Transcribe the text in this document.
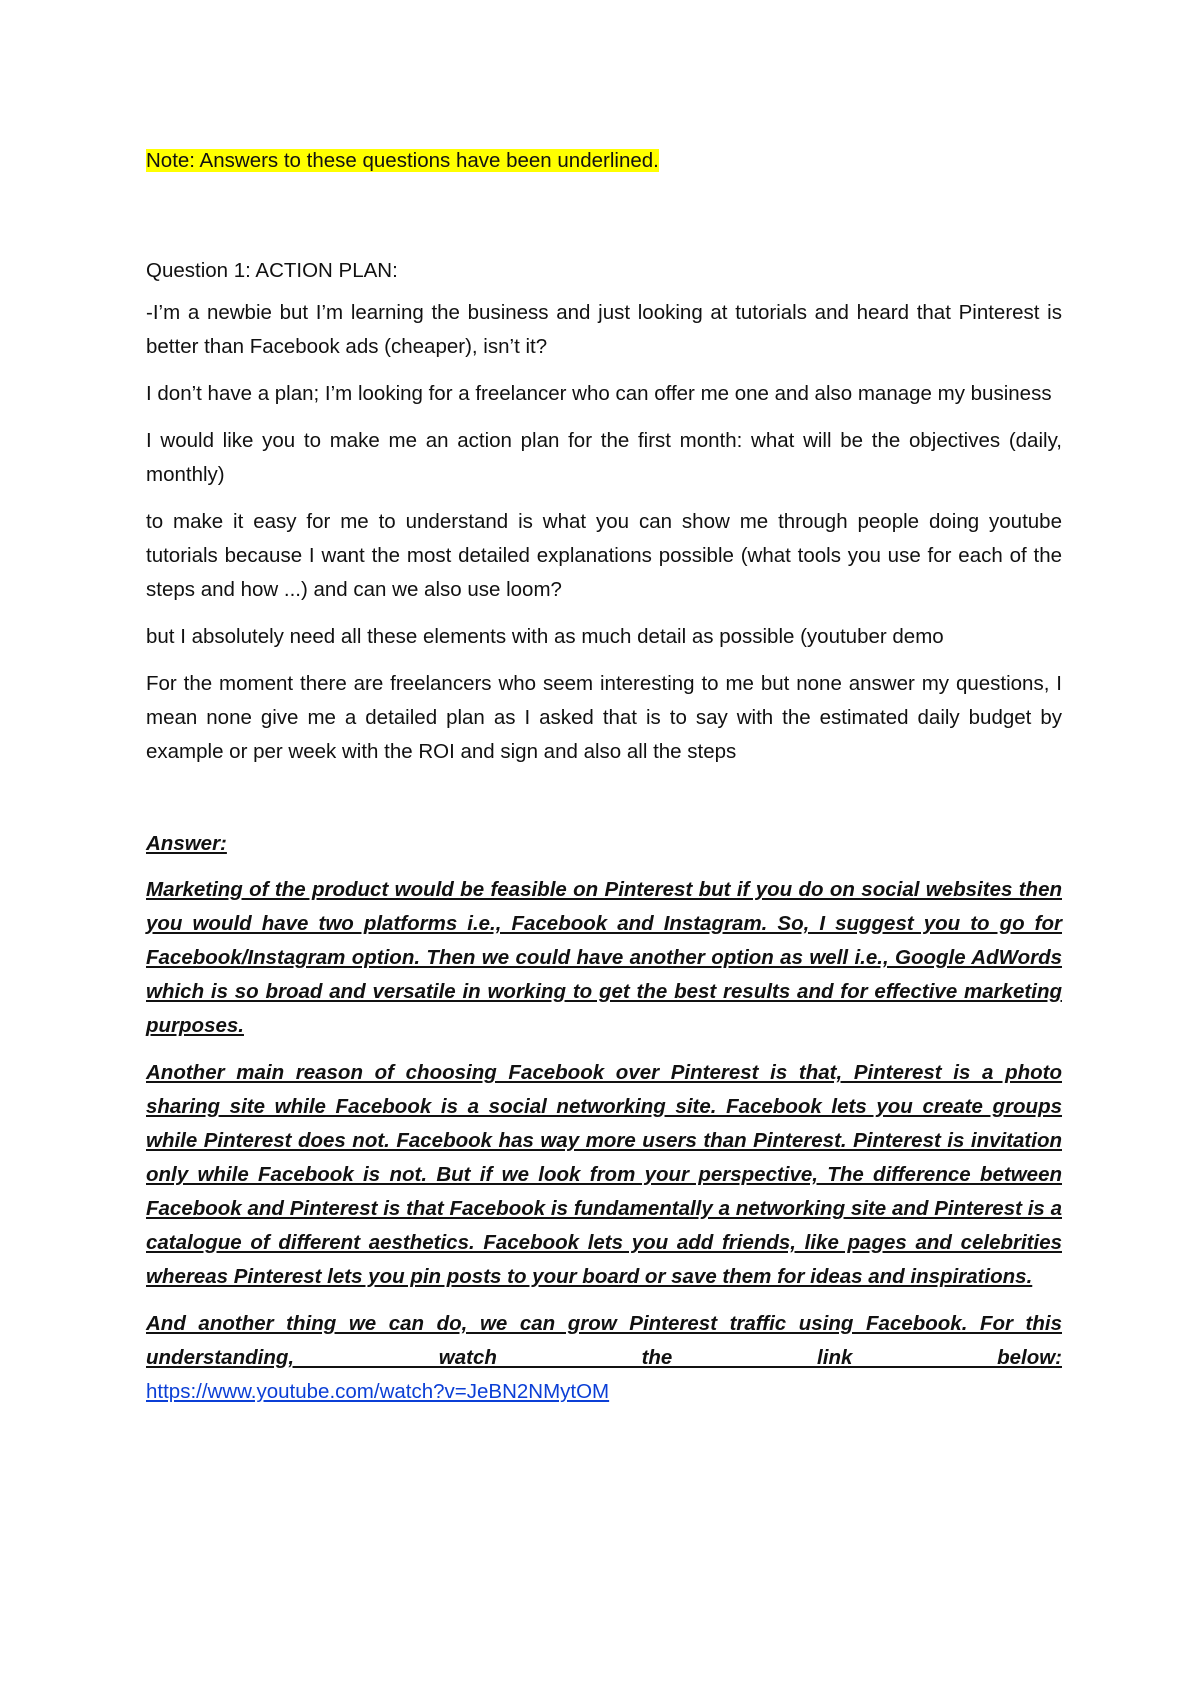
Note: Answers to these questions have been underlined.
Question 1: ACTION PLAN:

-I’m a newbie but I’m learning the business and just looking at tutorials and heard that Pinterest is better than Facebook ads (cheaper), isn’t it?

I don’t have a plan; I’m looking for a freelancer who can offer me one and also manage my business

I would like you to make me an action plan for the first month: what will be the objectives (daily, monthly)

to make it easy for me to understand is what you can show me through people doing youtube tutorials because I want the most detailed explanations possible (what tools you use for each of the steps and how ...) and can we also use loom?

but I absolutely need all these elements with as much detail as possible (youtuber demo

For the moment there are freelancers who seem interesting to me but none answer my questions, I mean none give me a detailed plan as I asked that is to say with the estimated daily budget by example or per week with the ROI and sign and also all the steps

Answer:

Marketing of the product would be feasible on Pinterest but if you do on social websites then you would have two platforms i.e., Facebook and Instagram. So, I suggest you to go for Facebook/Instagram option. Then we could have another option as well i.e., Google AdWords which is so broad and versatile in working to get the best results and for effective marketing purposes.

Another main reason of choosing Facebook over Pinterest is that, Pinterest is a photo sharing site while Facebook is a social networking site. Facebook lets you create groups while Pinterest does not. Facebook has way more users than Pinterest. Pinterest is invitation only while Facebook is not. But if we look from your perspective, The difference between Facebook and Pinterest is that Facebook is fundamentally a networking site and Pinterest is a catalogue of different aesthetics. Facebook lets you add friends, like pages and celebrities whereas Pinterest lets you pin posts to your board or save them for ideas and inspirations.

And another thing we can do, we can grow Pinterest traffic using Facebook. For this understanding, watch the link below:

https://www.youtube.com/watch?v=JeBN2NMytOM
